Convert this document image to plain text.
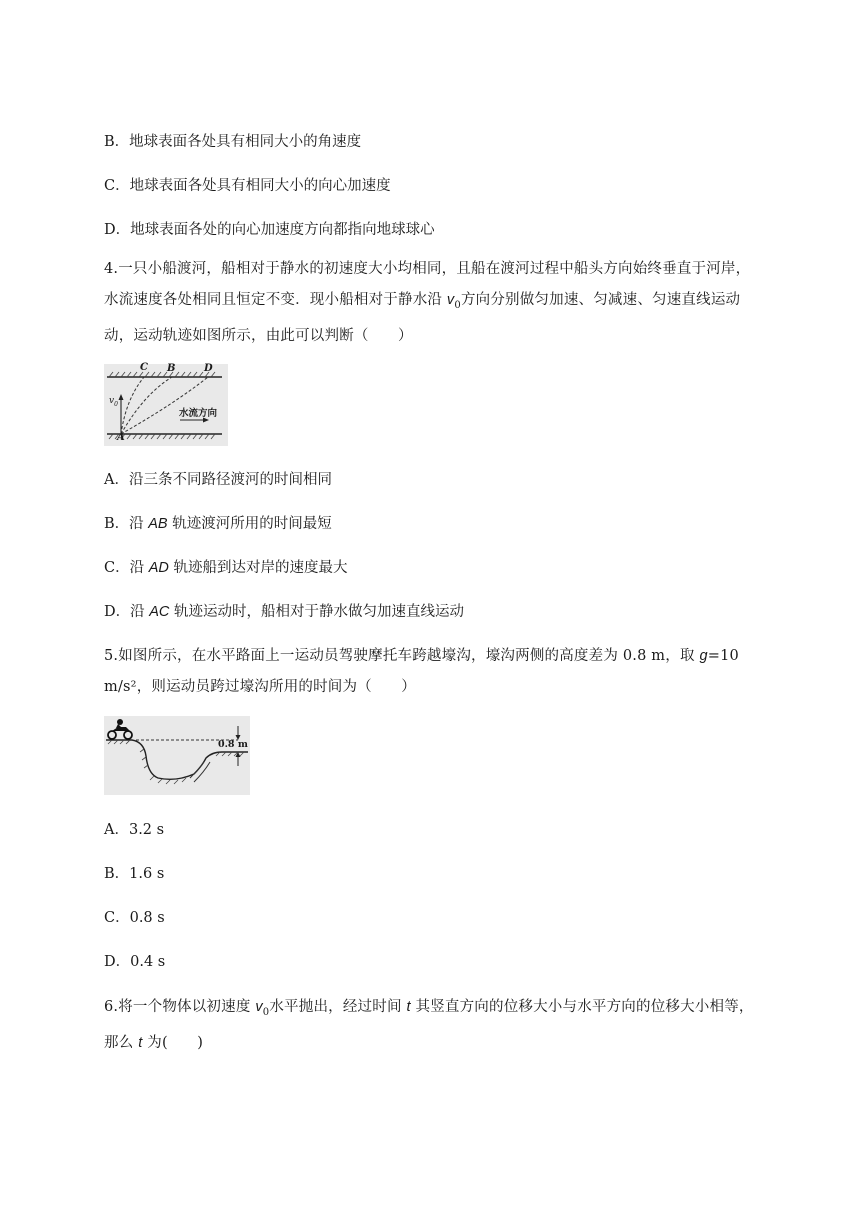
B．地球表面各处具有相同大小的角速度
C．地球表面各处具有相同大小的向心加速度
D．地球表面各处的向心加速度方向都指向地球球心
4.一只小船渡河，船相对于静水的初速度大小均相同，且船在渡河过程中船头方向始终垂直于河岸，
水流速度各处相同且恒定不变．现小船相对于静水沿 $v_0$方向分别做匀加速、匀减速、匀速直线运动
动，运动轨迹如图所示，由此可以判断（　　）
C B	D
A
$v_0$
水流方向
A．沿三条不同路径渡河的时间相同
B．沿 AB 轨迹渡河所用的时间最短
C．沿 AD 轨迹船到达对岸的速度最大
D．沿 AC 轨迹运动时，船相对于静水做匀加速直线运动
5.如图所示，在水平路面上一运动员驾驶摩托车跨越壕沟，壕沟两侧的高度差为 0.8 m，取 g=10
m/s²，则运动员跨过壕沟所用的时间为（　　）
0.8 m
A．3.2 s
B．1.6 s
C．0.8 s
D．0.4 s
6.将一个物体以初速度 $v_0$水平抛出，经过时间 t 其竖直方向的位移大小与水平方向的位移大小相等，
那么 t 为(　　)
